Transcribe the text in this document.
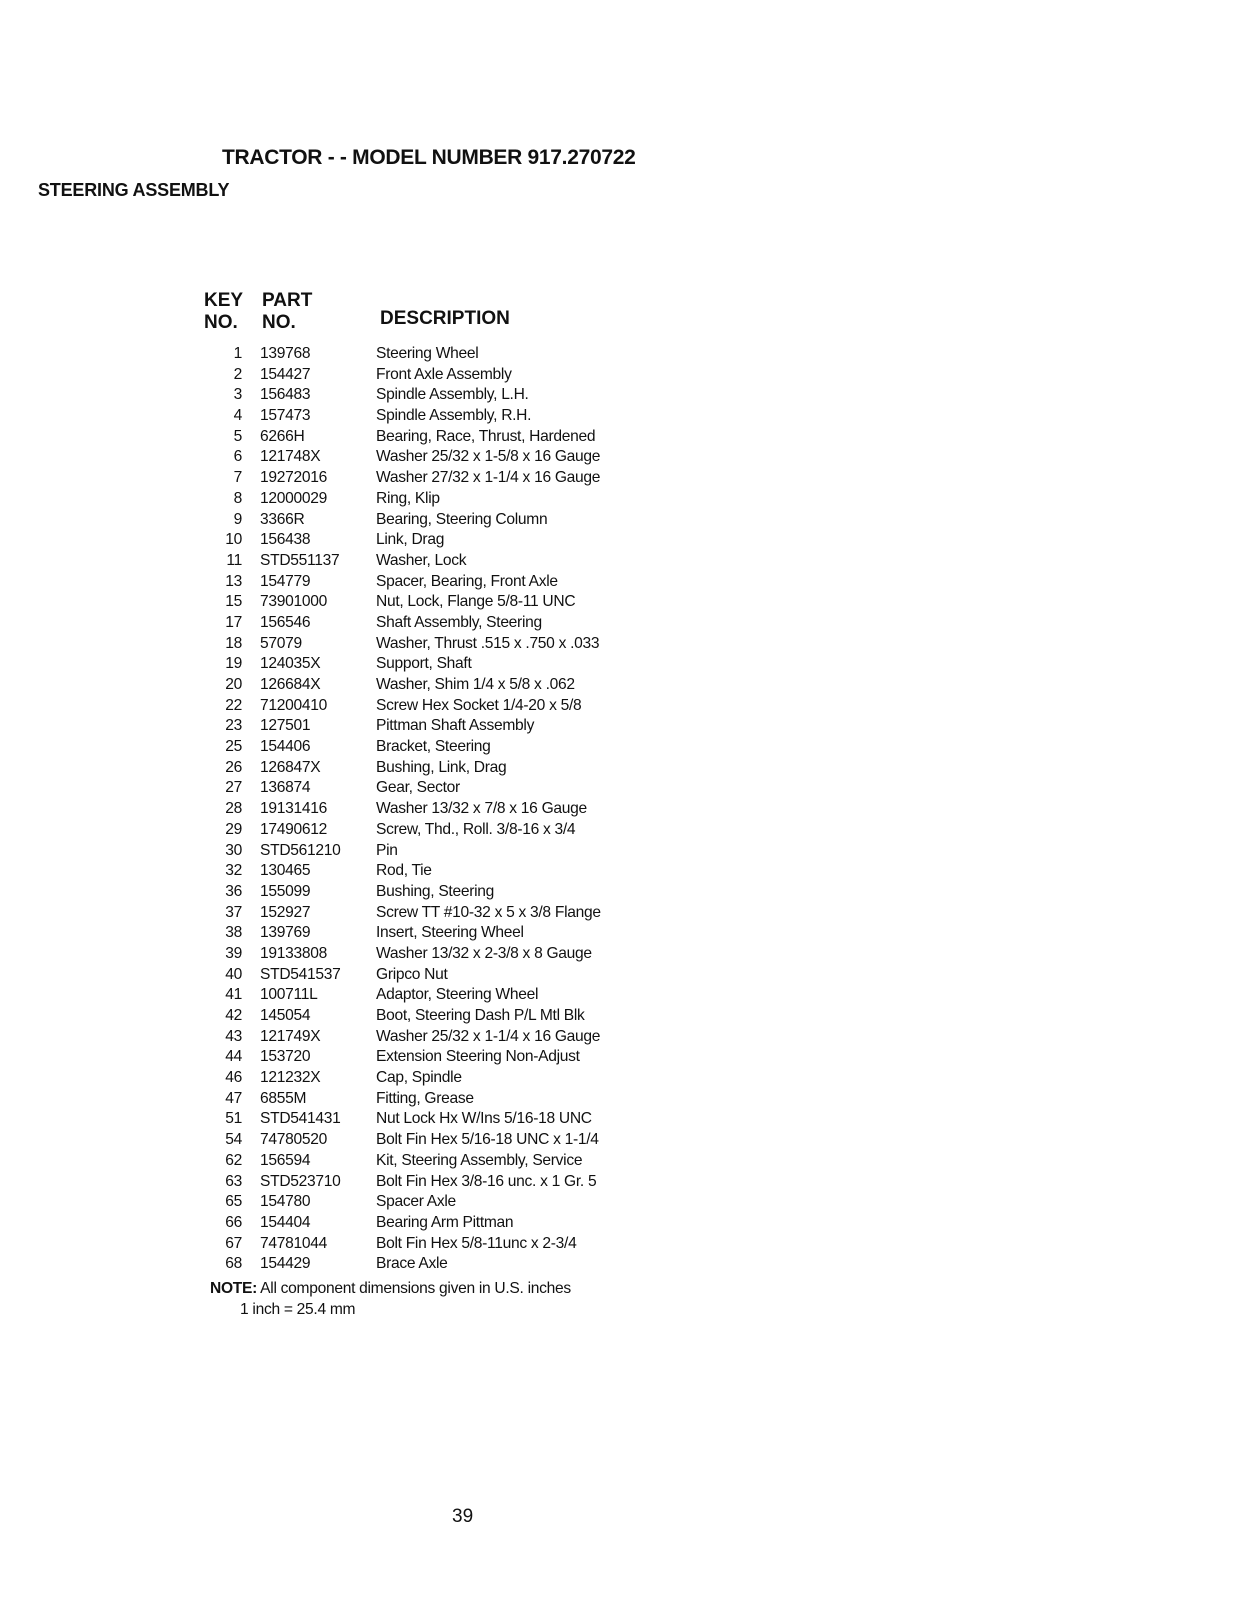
TRACTOR - - MODEL NUMBER 917.270722
STEERING ASSEMBLY
KEY
NO.
PART
NO.	DESCRIPTION
1	139768	Steering Wheel
2	154427	Front Axle Assembly
3	156483	Spindle Assembly, L.H.
4	157473	Spindle Assembly, R.H.
5	6266H	Bearing, Race, Thrust, Hardened
6	121748X	Washer 25/32 x 1-5/8 x 16 Gauge
7	19272016	Washer 27/32 x 1-1/4 x 16 Gauge
8	12000029	Ring, Klip
9	3366R	Bearing, Steering Column
10	156438	Link, Drag
11	STD551137	Washer, Lock
13	154779	Spacer, Bearing, Front Axle
15	73901000	Nut, Lock, Flange 5/8-11 UNC
17	156546	Shaft Assembly, Steering
18	57079	Washer, Thrust .515 x .750 x .033
19	124035X	Support, Shaft
20	126684X	Washer, Shim 1/4 x 5/8 x .062
22	71200410	Screw Hex Socket 1/4-20 x 5/8
23	127501	Pittman Shaft Assembly
25	154406	Bracket, Steering
26	126847X	Bushing, Link, Drag
27	136874	Gear, Sector
28	19131416	Washer 13/32 x 7/8 x 16 Gauge
29	17490612	Screw, Thd., Roll. 3/8-16 x 3/4
30	STD561210	Pin
32	130465	Rod, Tie
36	155099	Bushing, Steering
37	152927	Screw TT #10-32 x 5 x 3/8 Flange
38	139769	Insert, Steering Wheel
39	19133808	Washer 13/32 x 2-3/8 x 8 Gauge
40	STD541537	Gripco Nut
41	100711L	Adaptor, Steering Wheel
42	145054	Boot, Steering Dash P/L Mtl Blk
43	121749X	Washer 25/32 x 1-1/4 x 16 Gauge
44	153720	Extension Steering Non-Adjust
46	121232X	Cap, Spindle
47	6855M	Fitting, Grease
51	STD541431	Nut Lock Hx W/Ins 5/16-18 UNC
54	74780520	Bolt Fin Hex 5/16-18 UNC x 1-1/4
62	156594	Kit, Steering Assembly, Service
63	STD523710	Bolt Fin Hex 3/8-16 unc. x 1 Gr. 5
65	154780	Spacer Axle
66	154404	Bearing Arm Pittman
67	74781044	Bolt Fin Hex 5/8-11unc x 2-3/4
68	154429	Brace Axle
NOTE: All component dimensions given in U.S. inches
1 inch = 25.4 mm
39
